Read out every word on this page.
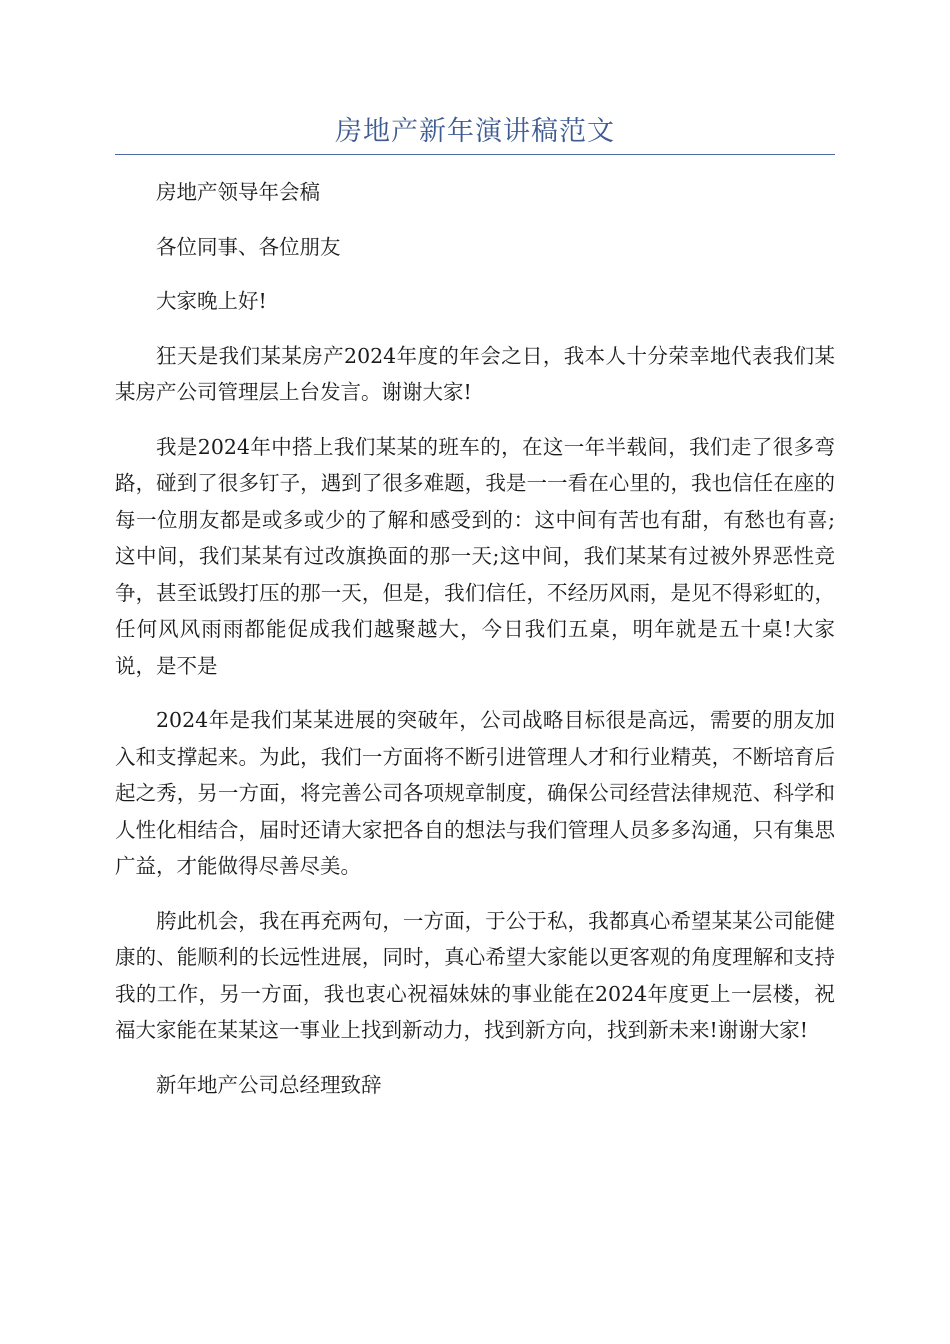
房地产新年演讲稿范文

房地产领导年会稿

各位同事、各位朋友

大家晚上好!

狂天是我们某某房产2024年度的年会之日，我本人十分荣幸地代表我们某某房产公司管理层上台发言。谢谢大家!

我是2024年中搭上我们某某的班车的，在这一年半载间，我们走了很多弯路，碰到了很多钉子，遇到了很多难题，我是一一看在心里的，我也信任在座的每一位朋友都是或多或少的了解和感受到的：这中间有苦也有甜，有愁也有喜;这中间，我们某某有过改旗换面的那一天;这中间，我们某某有过被外界恶性竞争，甚至诋毁打压的那一天，但是，我们信任，不经历风雨，是见不得彩虹的，任何风风雨雨都能促成我们越聚越大，今日我们五桌，明年就是五十桌!大家说，是不是

2024年是我们某某进展的突破年，公司战略目标很是高远，需要的朋友加入和支撑起来。为此，我们一方面将不断引进管理人才和行业精英，不断培育后起之秀，另一方面，将完善公司各项规章制度，确保公司经营法律规范、科学和人性化相结合，届时还请大家把各自的想法与我们管理人员多多沟通，只有集思广益，才能做得尽善尽美。

胯此机会，我在再充两句，一方面，于公于私，我都真心希望某某公司能健康的、能顺利的长远性进展，同时，真心希望大家能以更客观的角度理解和支持我的工作，另一方面，我也衷心祝福妹妹的事业能在2024年度更上一层楼，祝福大家能在某某这一事业上找到新动力，找到新方向，找到新未来!谢谢大家!

新年地产公司总经理致辞
